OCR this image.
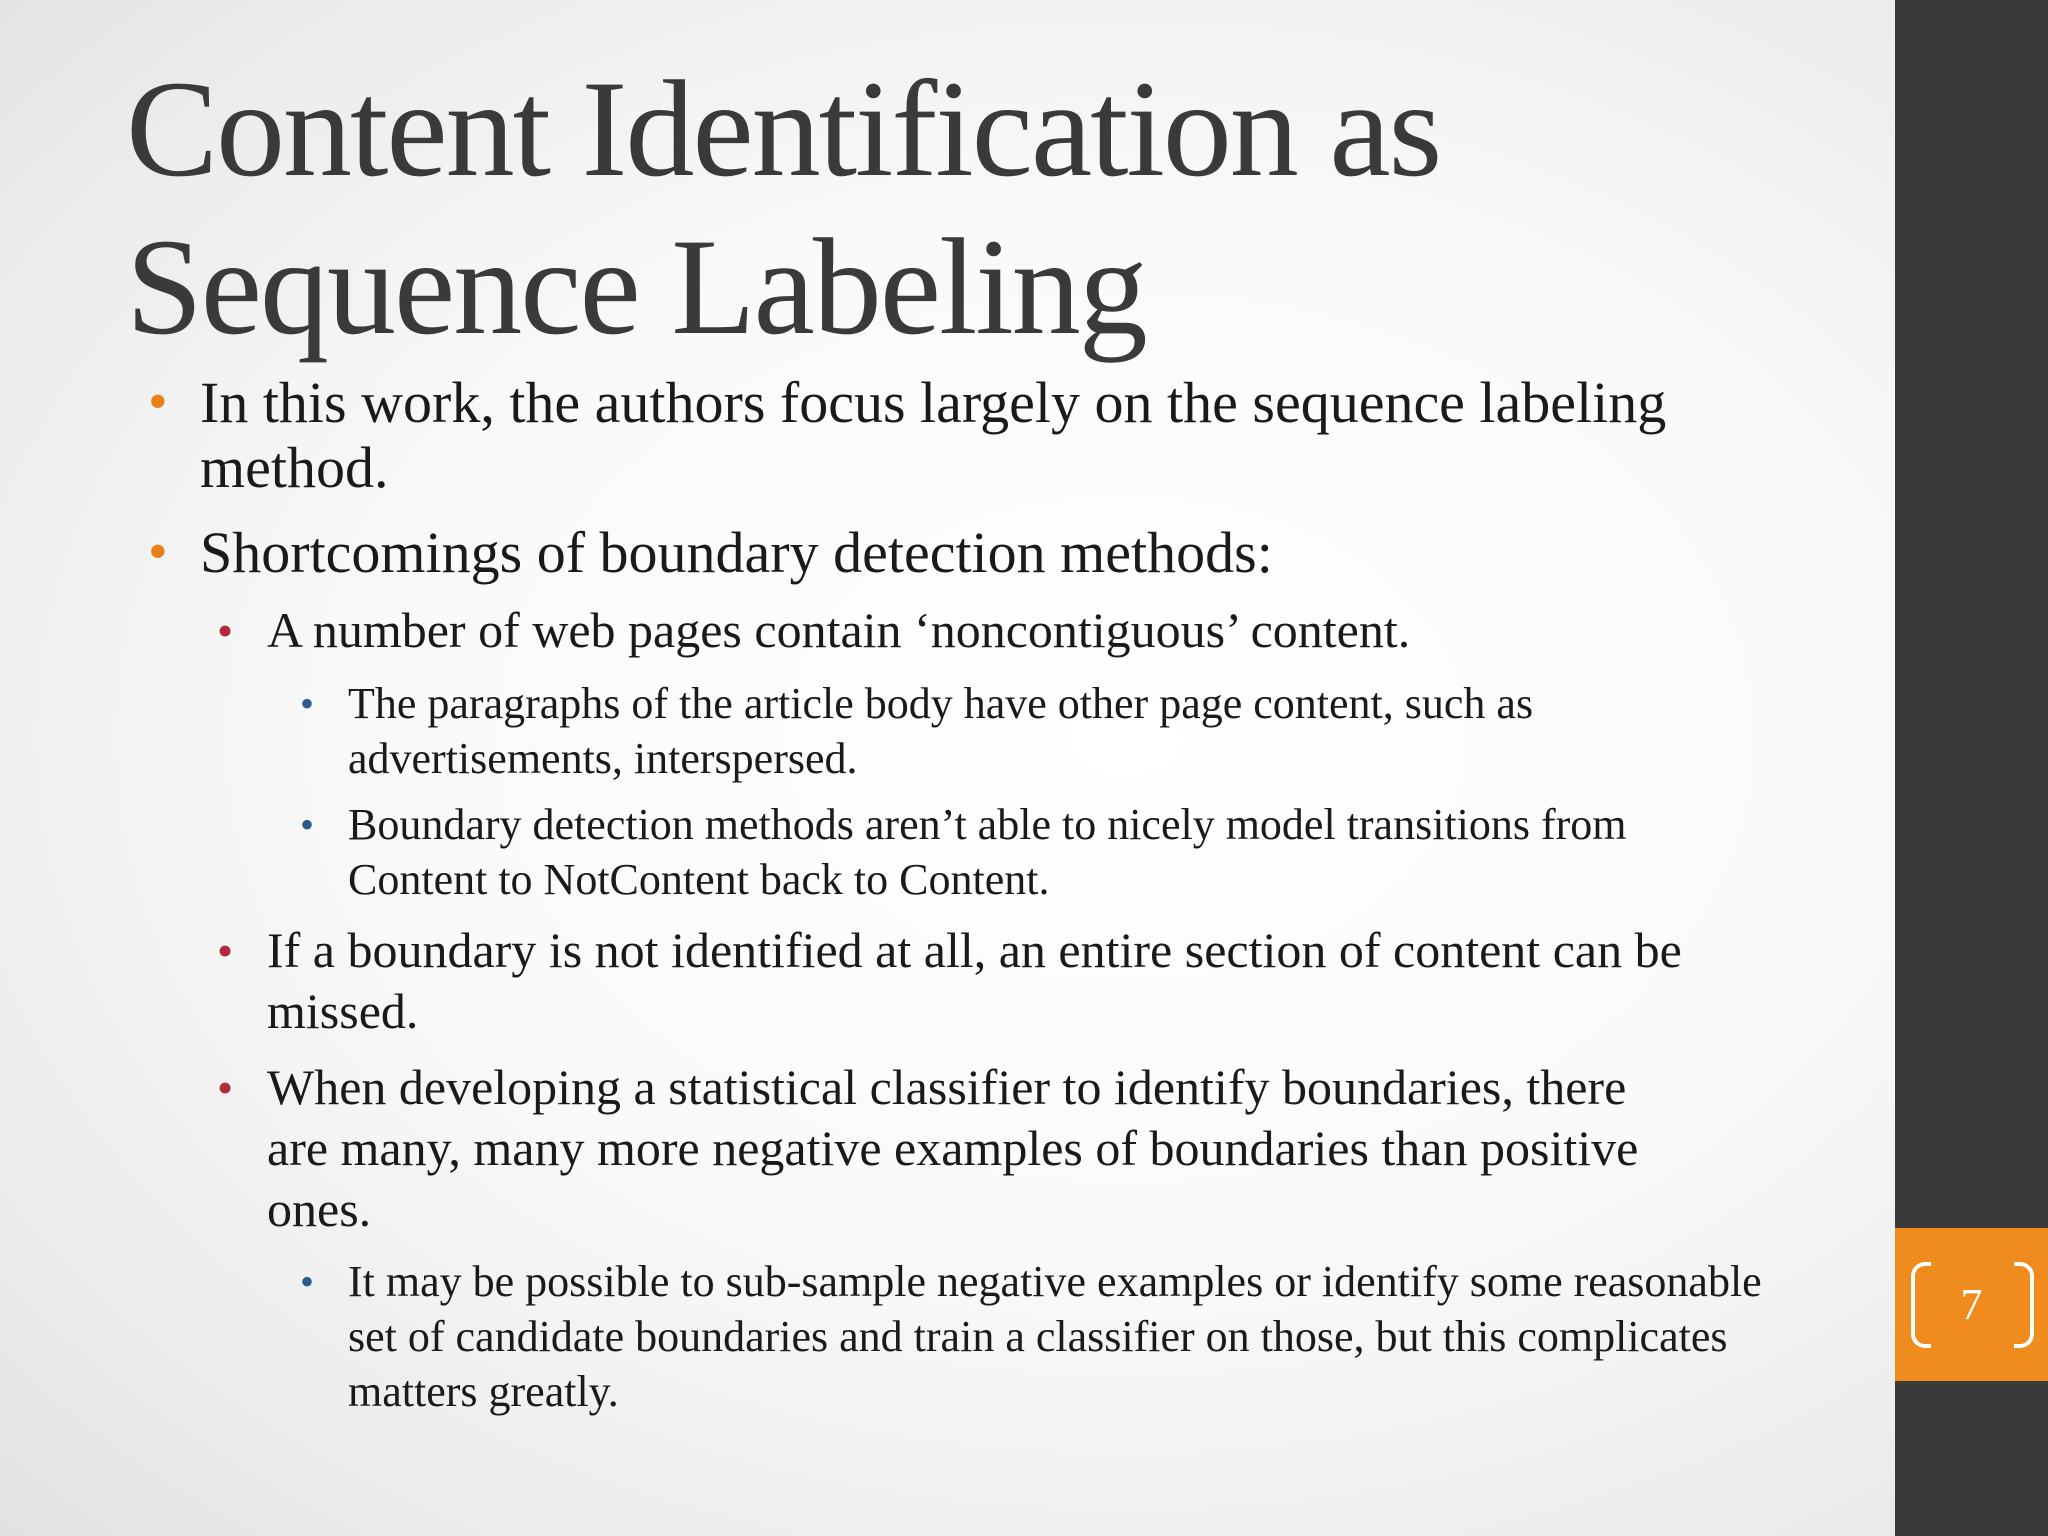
Content Identification as
Sequence Labeling

• In this work, the authors focus largely on the sequence labeling method.

• Shortcomings of boundary detection methods:

• A number of web pages contain ‘noncontiguous’ content.

• The paragraphs of the article body have other page content, such as advertisements, interspersed.

• Boundary detection methods aren’t able to nicely model transitions from Content to NotContent back to Content.

• If a boundary is not identified at all, an entire section of content can be missed.

• When developing a statistical classifier to identify boundaries, there are many, many more negative examples of boundaries than positive ones.

• It may be possible to sub-sample negative examples or identify some reasonable set of candidate boundaries and train a classifier on those, but this complicates matters greatly.

7
